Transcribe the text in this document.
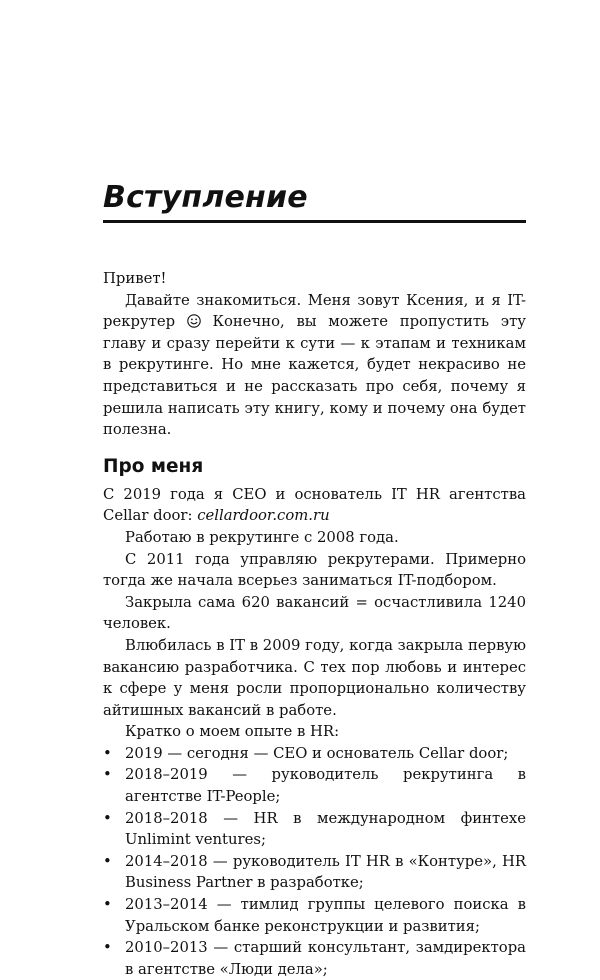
Вступление

Привет!

Давайте знакомиться. Меня зовут Ксения, и я IT-рекрутер	Конечно, вы можете пропустить эту главу и сразу перейти к сути — к этапам и техникам в рекрутинге. Но мне кажется, будет некрасиво не представиться и не рассказать про себя, почему я решила написать эту книгу, кому и почему она будет полезна.

Про меня

С 2019 года я CEO и основатель IT HR агентства Cellar door: cellardoor.com.ru

Работаю в рекрутинге с 2008 года.

С 2011 года управляю рекрутерами. Примерно тогда же начала всерьез заниматься IT-подбором.

Закрыла сама 620 вакансий = осчастливила 1240 человек.

Влюбилась в IT в 2009 году, когда закрыла первую вакансию разработчика. С тех пор любовь и интерес к сфере у меня росли пропорционально количеству айтишных вакансий в работе.

Кратко о моем опыте в HR:

• 2019 — сегодня — CEO и основатель Cellar door;
• 2018–2019 — руководитель рекрутинга в агентстве IT-People;
• 2018–2018 — HR в международном финтехе Unlimint ventures;
• 2014–2018 — руководитель IT HR в «Контуре», HR Business Partner в разработке;
• 2013–2014 — тимлид группы целевого поиска в Уральском банке реконструкции и развития;
• 2010–2013 — старший консультант, замдиректора в агентстве «Люди дела»;
